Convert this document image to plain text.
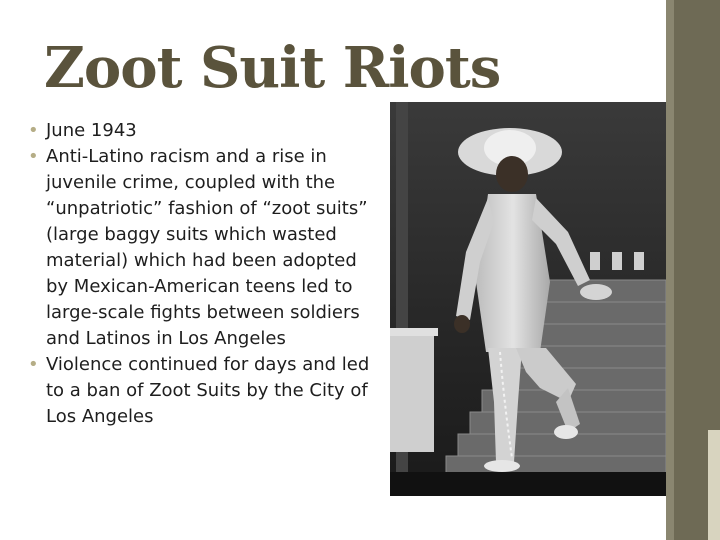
Zoot Suit Riots
• June 1943
• Anti-Latino racism and a rise in juvenile crime, coupled with the “unpatriotic” fashion of “zoot suits” (large baggy suits which wasted material) which had been adopted by Mexican-American teens led to large-scale fights between soldiers and Latinos in Los Angeles
• Violence continued for days and led to a ban of Zoot Suits by the City of Los Angeles
